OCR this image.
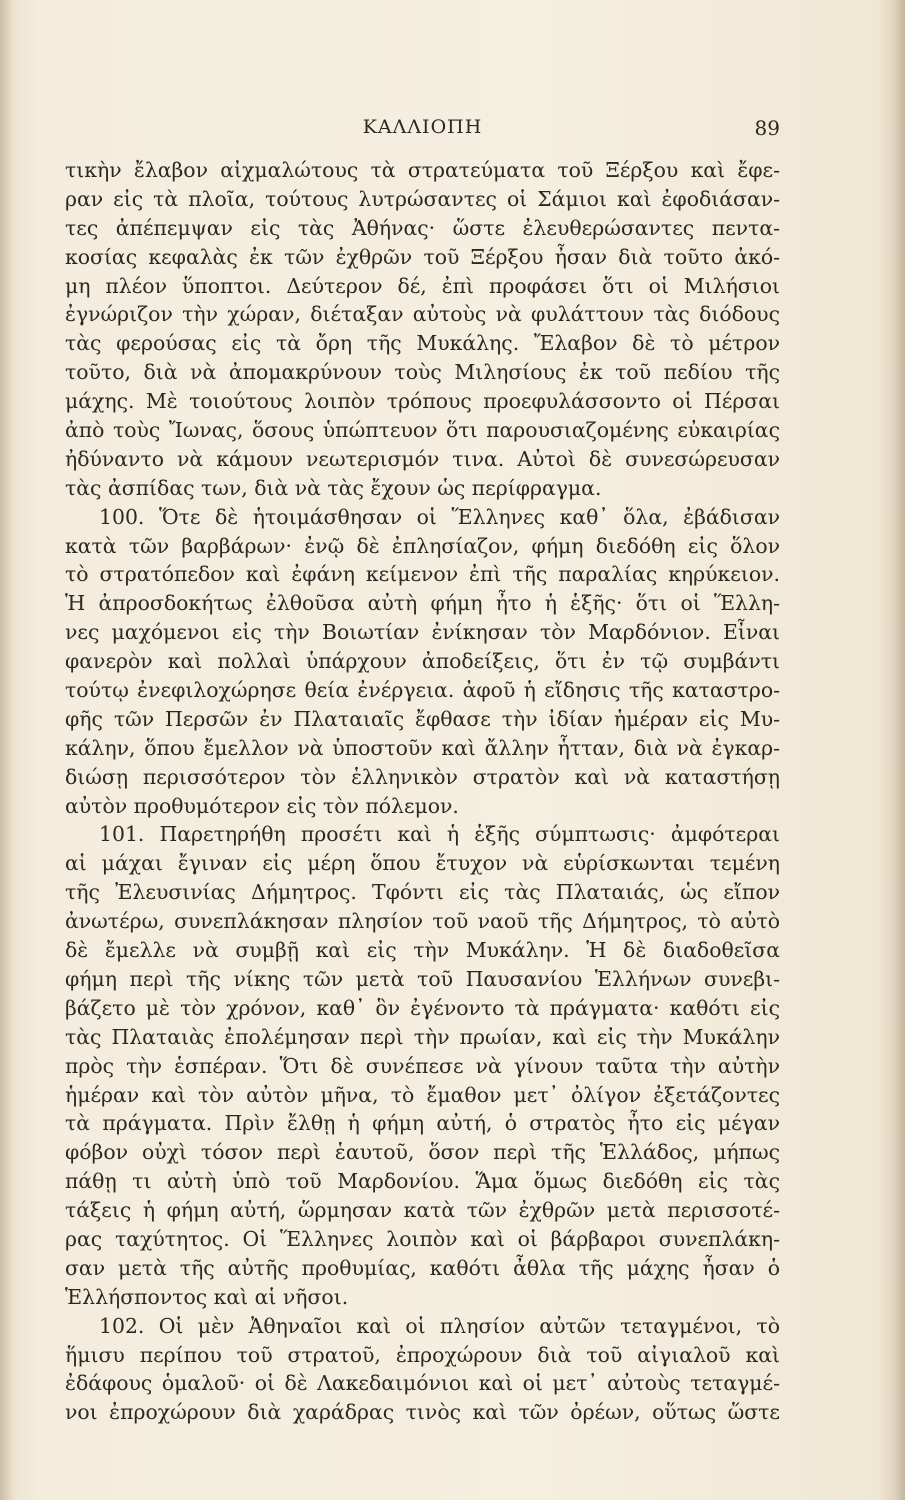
ΚΑΛΛΙΟΠΗ	89
τικὴν ἔλαβον αἰχμαλώτους τὰ στρατεύματα τοῦ Ξέρξου καὶ ἔφε-
ραν εἰς τὰ πλοῖα, τούτους λυτρώσαντες οἱ Σάμιοι καὶ ἐφοδιάσαν-
τες ἀπέπεμψαν εἰς τὰς Ἀθήνας· ὥστε ἐλευθερώσαντες πεντα-
κοσίας κεφαλὰς ἐκ τῶν ἐχθρῶν τοῦ Ξέρξου ἦσαν διὰ τοῦτο ἀκό-
μη πλέον ὕποπτοι. Δεύτερον δέ, ἐπὶ προφάσει ὅτι οἱ Μιλήσιοι
ἐγνώριζον τὴν χώραν, διέταξαν αὐτοὺς νὰ φυλάττουν τὰς διόδους
τὰς φερούσας εἰς τὰ ὄρη τῆς Μυκάλης. Ἔλαβον δὲ τὸ μέτρον
τοῦτο, διὰ νὰ ἀπομακρύνουν τοὺς Μιλησίους ἐκ τοῦ πεδίου τῆς
μάχης. Μὲ τοιούτους λοιπὸν τρόπους προεφυλάσσοντο οἱ Πέρσαι
ἀπὸ τοὺς Ἴωνας, ὅσους ὑπώπτευον ὅτι παρουσιαζομένης εὐκαιρίας
ἠδύναντο νὰ κάμουν νεωτερισμόν τινα. Αὐτοὶ δὲ συνεσώρευσαν
τὰς ἀσπίδας των, διὰ νὰ τὰς ἔχουν ὡς περίφραγμα.
100. Ὅτε δὲ ἡτοιμάσθησαν οἱ Ἕλληνες καθ᾽ ὅλα, ἐβάδισαν
κατὰ τῶν βαρβάρων· ἐνῷ δὲ ἐπλησίαζον, φήμη διεδόθη εἰς ὅλον
τὸ στρατόπεδον καὶ ἐφάνη κείμενον ἐπὶ τῆς παραλίας κηρύκειον.
Ἡ ἀπροσδοκήτως ἐλθοῦσα αὐτὴ φήμη ἦτο ἡ ἑξῆς· ὅτι οἱ Ἕλλη-
νες μαχόμενοι εἰς τὴν Βοιωτίαν ἐνίκησαν τὸν Μαρδόνιον. Εἶναι
φανερὸν καὶ πολλαὶ ὑπάρχουν ἀποδείξεις, ὅτι ἐν τῷ συμβάντι
τούτῳ ἐνεφιλοχώρησε θεία ἐνέργεια. ἀφοῦ ἡ εἴδησις τῆς καταστρο-
φῆς τῶν Περσῶν ἐν Πλαταιαῖς ἔφθασε τὴν ἰδίαν ἡμέραν εἰς Μυ-
κάλην, ὅπου ἔμελλον νὰ ὑποστοῦν καὶ ἄλλην ἧτταν, διὰ νὰ ἐγκαρ-
διώσῃ περισσότερον τὸν ἑλληνικὸν στρατὸν καὶ νὰ καταστήσῃ
αὐτὸν προθυμότερον εἰς τὸν πόλεμον.
101. Παρετηρήθη προσέτι καὶ ἡ ἑξῆς σύμπτωσις· ἀμφότεραι
αἱ μάχαι ἔγιναν εἰς μέρη ὅπου ἔτυχον νὰ εὑρίσκωνται τεμένη
τῆς Ἐλευσινίας Δήμητρος. Τφόντι εἰς τὰς Πλαταιάς, ὡς εἴπον
ἀνωτέρω, συνεπλάκησαν πλησίον τοῦ ναοῦ τῆς Δήμητρος, τὸ αὐτὸ
δὲ ἔμελλε νὰ συμβῇ καὶ εἰς τὴν Μυκάλην. Ἡ δὲ διαδοθεῖσα
φήμη περὶ τῆς νίκης τῶν μετὰ τοῦ Παυσανίου Ἑλλήνων συνεβι-
βάζετο μὲ τὸν χρόνον, καθ᾽ ὃν ἐγένοντο τὰ πράγματα· καθότι εἰς
τὰς Πλαταιὰς ἐπολέμησαν περὶ τὴν πρωίαν, καὶ εἰς τὴν Μυκάλην
πρὸς τὴν ἑσπέραν. Ὅτι δὲ συνέπεσε νὰ γίνουν ταῦτα τὴν αὐτὴν
ἡμέραν καὶ τὸν αὐτὸν μῆνα, τὸ ἔμαθον μετ᾽ ὀλίγον ἐξετάζοντες
τὰ πράγματα. Πρὶν ἔλθῃ ἡ φήμη αὐτή, ὁ στρατὸς ἦτο εἰς μέγαν
φόβον οὐχὶ τόσον περὶ ἑαυτοῦ, ὅσον περὶ τῆς Ἑλλάδος, μήπως
πάθῃ τι αὐτὴ ὑπὸ τοῦ Μαρδονίου. Ἅμα ὅμως διεδόθη εἰς τὰς
τάξεις ἡ φήμη αὐτή, ὥρμησαν κατὰ τῶν ἐχθρῶν μετὰ περισσοτέ-
ρας ταχύτητος. Οἱ Ἕλληνες λοιπὸν καὶ οἱ βάρβαροι συνεπλάκη-
σαν μετὰ τῆς αὐτῆς προθυμίας, καθότι ἆθλα τῆς μάχης ἦσαν ὁ
Ἑλλήσποντος καὶ αἱ νῆσοι.
102. Οἱ μὲν Ἀθηναῖοι καὶ οἱ πλησίον αὐτῶν τεταγμένοι, τὸ
ἥμισυ περίπου τοῦ στρατοῦ, ἐπροχώρουν διὰ τοῦ αἰγιαλοῦ καὶ
ἐδάφους ὁμαλοῦ· οἱ δὲ Λακεδαιμόνιοι καὶ οἱ μετ᾽ αὐτοὺς τεταγμέ-
νοι ἐπροχώρουν διὰ χαράδρας τινὸς καὶ τῶν ὀρέων, οὕτως ὥστε
